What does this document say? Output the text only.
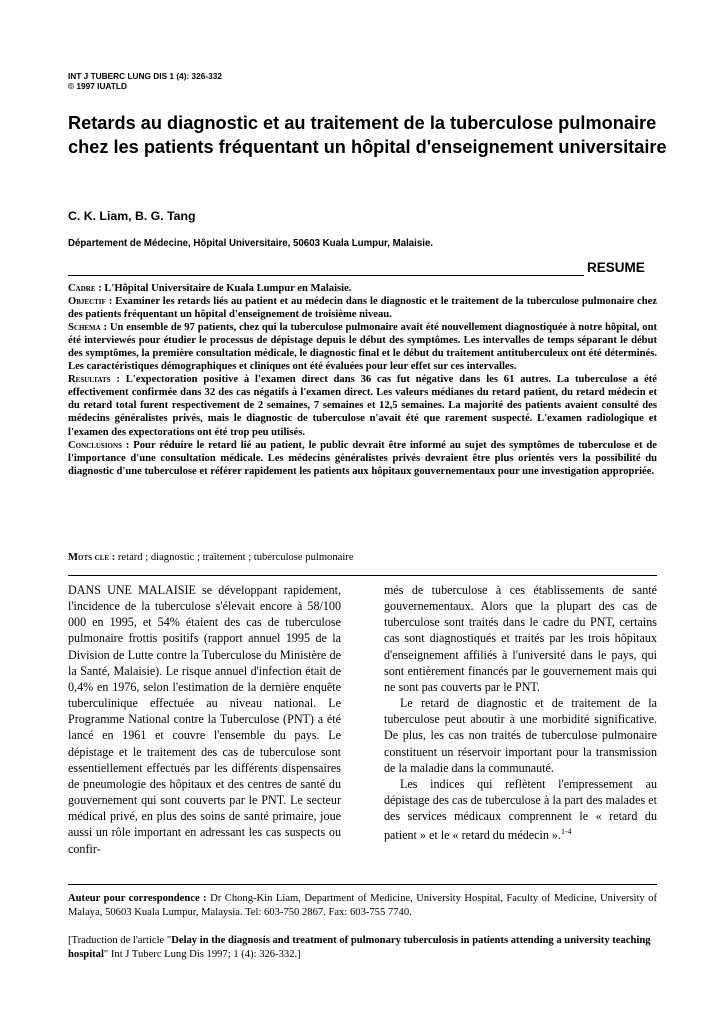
INT J TUBERC LUNG DIS 1 (4): 326-332
© 1997 IUATLD
Retards au diagnostic et au traitement de la tuberculose pulmonaire chez les patients fréquentant un hôpital d'enseignement universitaire
C. K. Liam, B. G. Tang
Département de Médecine, Hôpital Universitaire, 50603 Kuala Lumpur, Malaisie.
RESUME

Cadre : L'Hôpital Universitaire de Kuala Lumpur en Malaisie.

Objectif : Examiner les retards liés au patient et au médecin dans le diagnostic et le traitement de la tuberculose pulmonaire chez des patients fréquentant un hôpital d'enseignement de troisième niveau.

Schema : Un ensemble de 97 patients, chez qui la tuberculose pulmonaire avait été nouvellement diagnostiquée à notre hôpital, ont été interviewés pour étudier le processus de dépistage depuis le début des symptômes. Les intervalles de temps séparant le début des symptômes, la première consultation médicale, le diagnostic final et le début du traitement antituberculeux ont été déterminés. Les caractéristiques démographiques et cliniques ont été évaluées pour leur effet sur ces intervalles.

Resultats : L'expectoration positive à l'examen direct dans 36 cas fut négative dans les 61 autres. La tuberculose a été effectivement confirmée dans 32 des cas négatifs à l'examen direct. Les valeurs médianes du retard patient, du retard médecin et du retard total furent respectivement de 2 semaines, 7 semaines et 12,5 semaines. La majorité des patients avaient consulté des médecins généralistes privés, mais le diagnostic de tuberculose n'avait été que rarement suspecté. L'examen radiologique et l'examen des expectorations ont été trop peu utilisés.

Conclusions : Pour réduire le retard lié au patient, le public devrait être informé au sujet des symptômes de tuberculose et de l'importance d'une consultation médicale. Les médecins généralistes privés devraient être plus orientés vers la possibilité du diagnostic d'une tuberculose et référer rapidement les patients aux hôpitaux gouvernementaux pour une investigation appropriée.

Mots cle : retard ; diagnostic ; traitement ; tuberculose pulmonaire

DANS UNE MALAISIE se développant rapidement, l'incidence de la tuberculose s'élevait encore à 58/100 000 en 1995, et 54% étaient des cas de tuberculose pulmonaire frottis positifs (rapport annuel 1995 de la Division de Lutte contre la Tuberculose du Ministère de la Santé, Malaisie). Le risque annuel d'infection était de 0,4% en 1976, selon l'estimation de la dernière enquête tuberculinique effectuée au niveau national. Le Programme National contre la Tuberculose (PNT) a été lancé en 1961 et couvre l'ensemble du pays. Le dépistage et le traitement des cas de tuberculose sont essentiellement effectués par les différents dispensaires de pneumologie des hôpitaux et des centres de santé du gouvernement qui sont couverts par le PNT. Le secteur médical privé, en plus des soins de santé primaire, joue aussi un rôle important en adressant les cas suspects ou confir-

més de tuberculose à ces établissements de santé gouvernementaux. Alors que la plupart des cas de tuberculose sont traités dans le cadre du PNT, certains cas sont diagnostiqués et traités par les trois hôpitaux d'enseignement affiliés à l'université dans le pays, qui sont entièrement financés par le gouvernement mais qui ne sont pas couverts par le PNT.

Le retard de diagnostic et de traitement de la tuberculose peut aboutir à une morbidité significative. De plus, les cas non traités de tuberculose pulmonaire constituent un réservoir important pour la transmission de la maladie dans la communauté.

Les indices qui reflètent l'empressement au dépistage des cas de tuberculose à la part des malades et des services médicaux comprennent le « retard du patient » et le « retard du médecin ».$^{1-4}$

Auteur pour correspondence : Dr Chong-Kin Liam, Department of Medicine, University Hospital, Faculty of Medicine, University of Malaya, 50603 Kuala Lumpur, Malaysia. Tel: 603-750 2867. Fax: 603-755 7740.
[Traduction de l'article "Delay in the diagnosis and treatment of pulmonary tuberculosis in patients attending a university teaching hospital" Int J Tuberc Lung Dis 1997; 1 (4): 326-332.]
